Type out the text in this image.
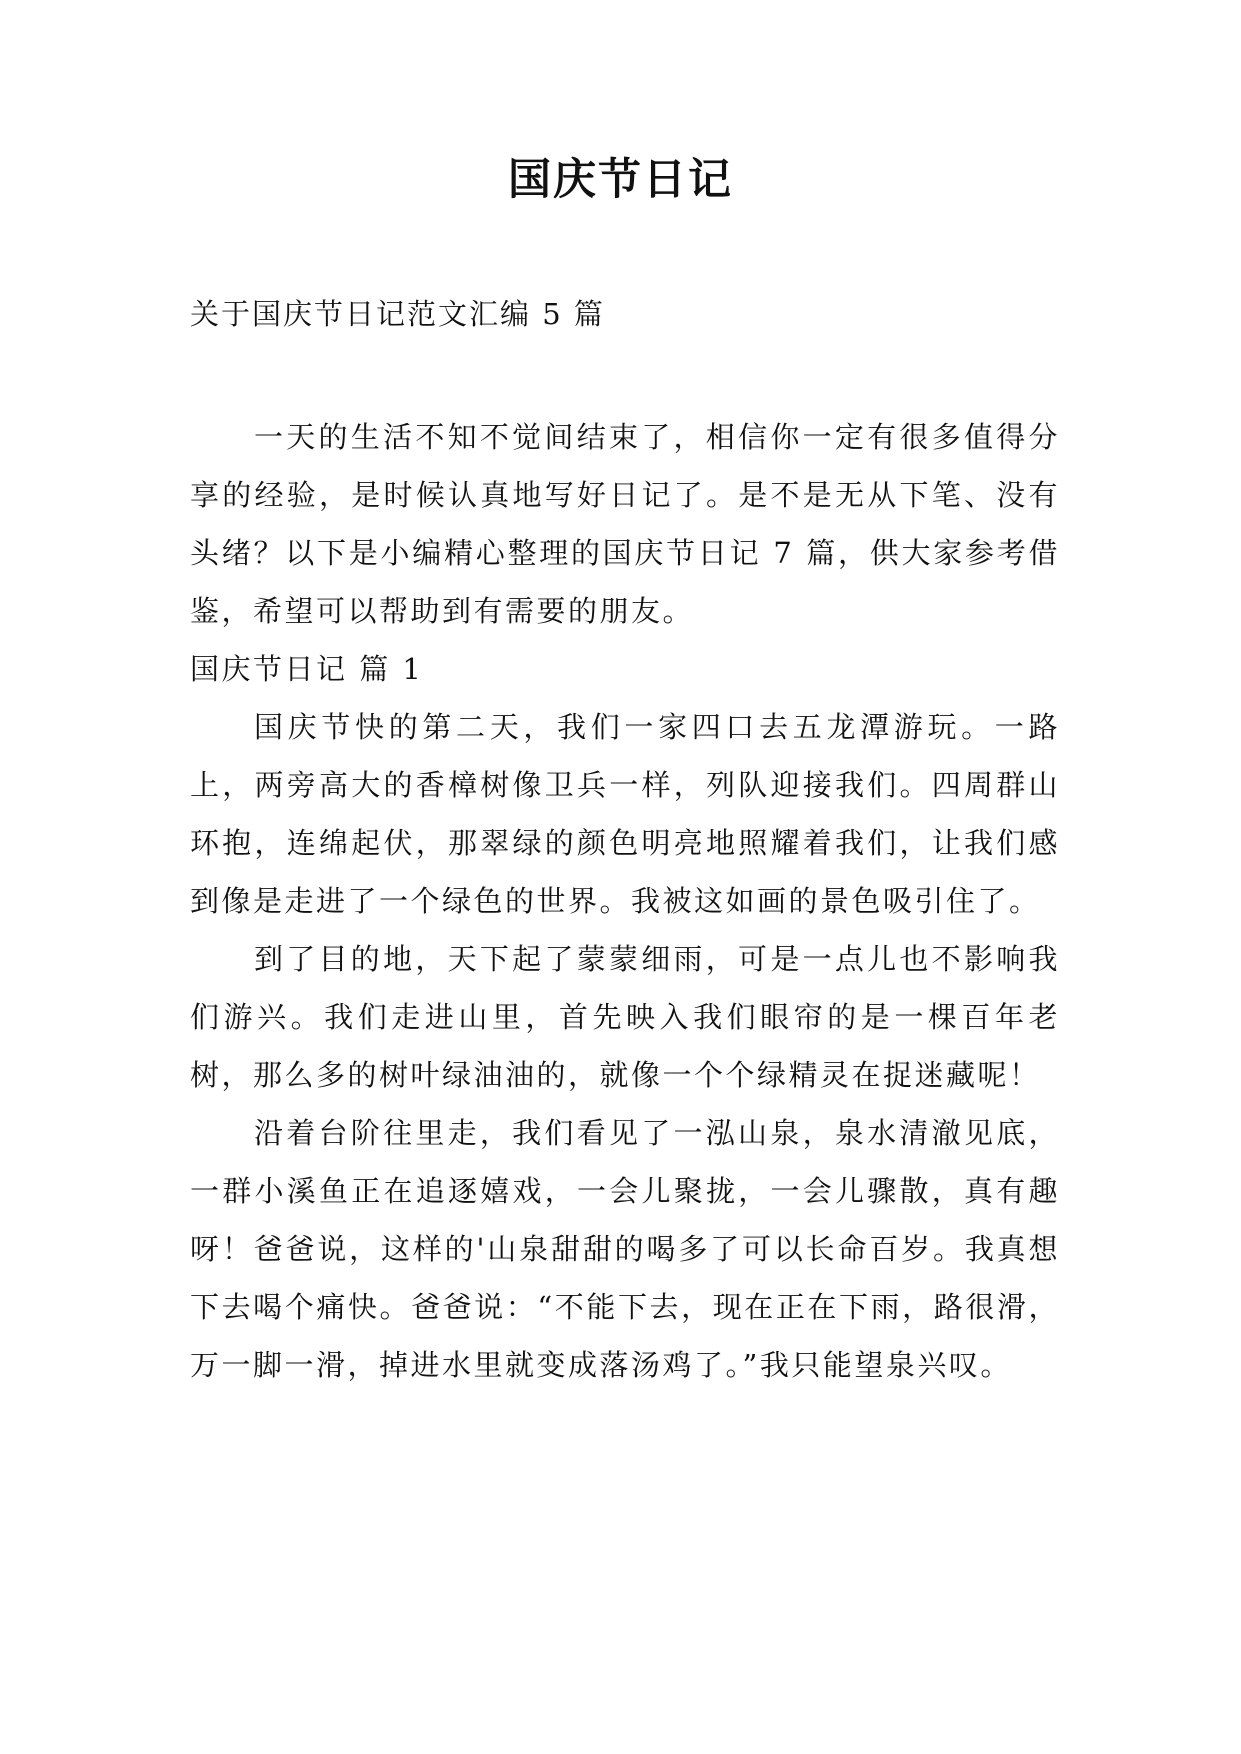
国庆节日记
关于国庆节日记范文汇编 5 篇

一天的生活不知不觉间结束了，相信你一定有很多值得分享的经验，是时候认真地写好日记了。是不是无从下笔、没有头绪？以下是小编精心整理的国庆节日记 7 篇，供大家参考借鉴，希望可以帮助到有需要的朋友。

国庆节日记 篇 1

国庆节快的第二天，我们一家四口去五龙潭游玩。一路上，两旁高大的香樟树像卫兵一样，列队迎接我们。四周群山环抱，连绵起伏，那翠绿的颜色明亮地照耀着我们，让我们感到像是走进了一个绿色的世界。我被这如画的景色吸引住了。

到了目的地，天下起了蒙蒙细雨，可是一点儿也不影响我们游兴。我们走进山里，首先映入我们眼帘的是一棵百年老树，那么多的树叶绿油油的，就像一个个绿精灵在捉迷藏呢！

沿着台阶往里走，我们看见了一泓山泉，泉水清澈见底，一群小溪鱼正在追逐嬉戏，一会儿聚拢，一会儿骤散，真有趣呀！爸爸说，这样的'山泉甜甜的喝多了可以长命百岁。我真想下去喝个痛快。爸爸说：“不能下去，现在正在下雨，路很滑，万一脚一滑，掉进水里就变成落汤鸡了。”我只能望泉兴叹。
